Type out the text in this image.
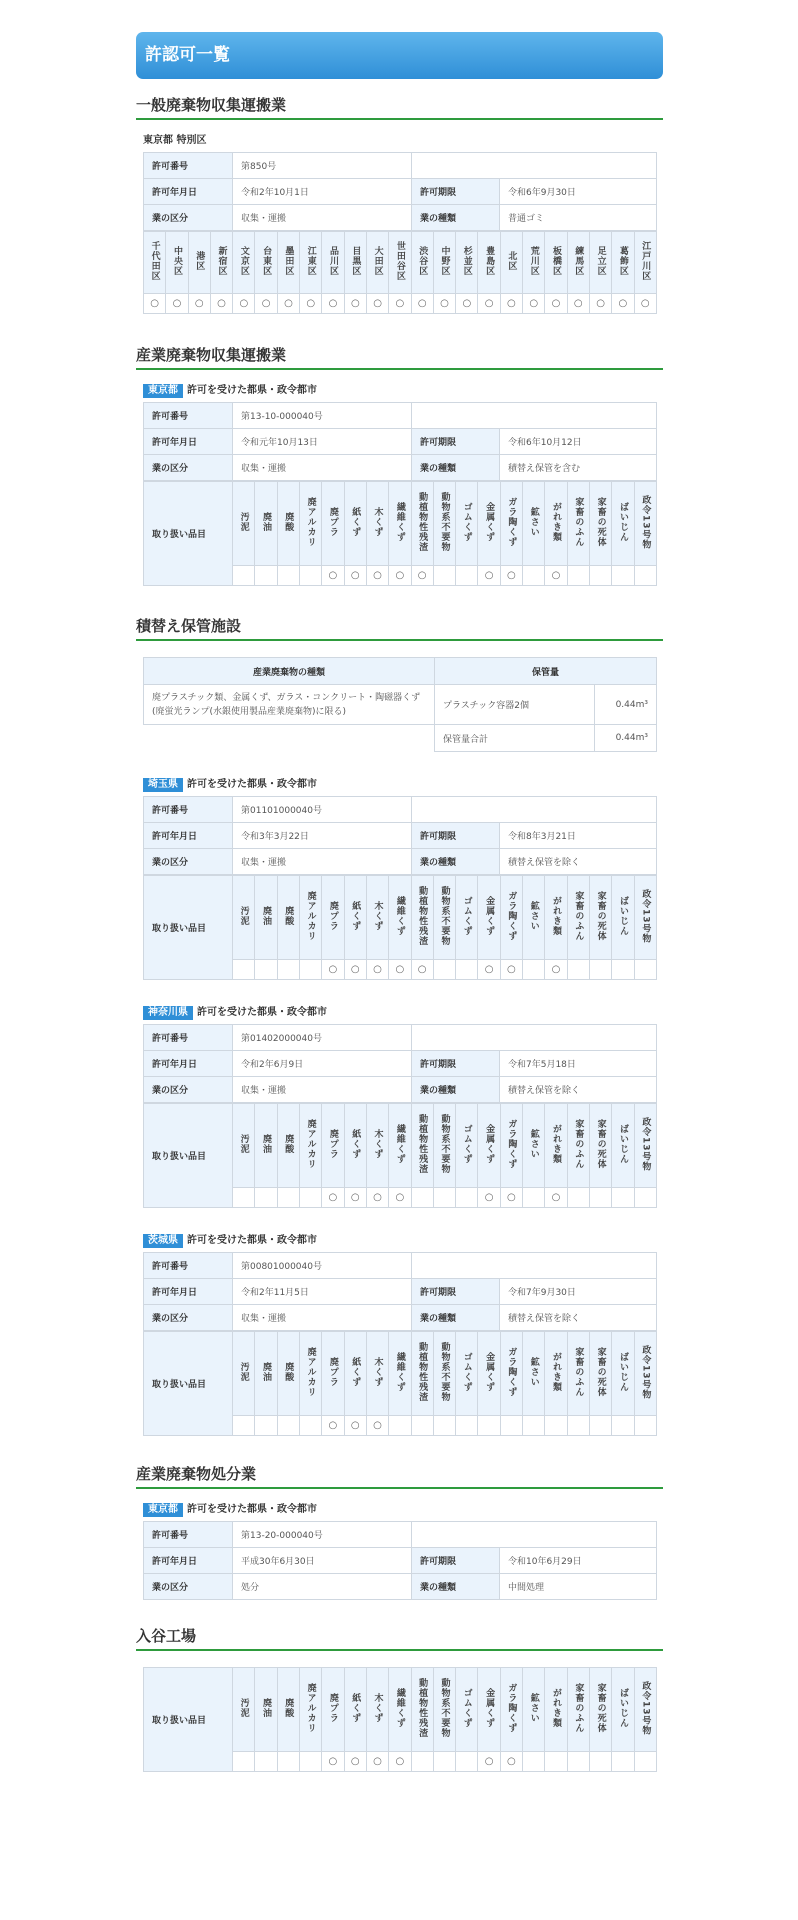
許認可一覧
一般廃棄物収集運搬業
東京都 特別区
許可番号	第850号		
許可年月日	令和2年10月1日	許可期限	令和6年9月30日
業の区分	収集・運搬	業の種類	普通ゴミ
千代田区	中央区	港区	新宿区	文京区	台東区	墨田区	江東区	品川区	目黒区	大田区	世田谷区	渋谷区	中野区	杉並区	豊島区	北区	荒川区	板橋区	練馬区	足立区	葛飾区	江戸川区
○	○	○	○	○	○	○	○	○	○	○	○	○	○	○	○	○	○	○	○	○	○	○
産業廃棄物収集運搬業
東京都 許可を受けた都県・政令都市
許可番号	第13-10-000040号		
許可年月日	令和元年10月13日	許可期限	令和6年10月12日
業の区分	収集・運搬	業の種類	積替え保管を含む
取り扱い品目	汚泥	廃油	廃酸	廃アルカリ	廃プラ	紙くず	木くず	繊維くず	動植物性残渣	動物系不要物	ゴムくず	金属くず	ガラ陶くず	鉱さい	がれき類	家畜のふん	家畜の死体	ばいじん	政令13号物
					○	○	○	○	○			○	○		○				
積替え保管施設
産業廃棄物の種類	保管量	
廃プラスチック類、金属くず、ガラス・コンクリート・陶磁器くず(廃蛍光ランプ(水銀使用製品産業廃棄物)に限る)	プラスチック容器2個	0.44m³
	保管量合計	0.44m³
埼玉県 許可を受けた都県・政令都市
許可番号	第01101000040号		
許可年月日	令和3年3月22日	許可期限	令和8年3月21日
業の区分	収集・運搬	業の種類	積替え保管を除く
取り扱い品目	汚泥	廃油	廃酸	廃アルカリ	廃プラ	紙くず	木くず	繊維くず	動植物性残渣	動物系不要物	ゴムくず	金属くず	ガラ陶くず	鉱さい	がれき類	家畜のふん	家畜の死体	ばいじん	政令13号物
					○	○	○	○	○			○	○		○				
神奈川県 許可を受けた都県・政令都市
許可番号	第01402000040号		
許可年月日	令和2年6月9日	許可期限	令和7年5月18日
業の区分	収集・運搬	業の種類	積替え保管を除く
取り扱い品目	汚泥	廃油	廃酸	廃アルカリ	廃プラ	紙くず	木くず	繊維くず	動植物性残渣	動物系不要物	ゴムくず	金属くず	ガラ陶くず	鉱さい	がれき類	家畜のふん	家畜の死体	ばいじん	政令13号物
					○	○	○	○				○	○		○				
茨城県 許可を受けた都県・政令都市
許可番号	第00801000040号		
許可年月日	令和2年11月5日	許可期限	令和7年9月30日
業の区分	収集・運搬	業の種類	積替え保管を除く
取り扱い品目	汚泥	廃油	廃酸	廃アルカリ	廃プラ	紙くず	木くず	繊維くず	動植物性残渣	動物系不要物	ゴムくず	金属くず	ガラ陶くず	鉱さい	がれき類	家畜のふん	家畜の死体	ばいじん	政令13号物
					○	○	○												
産業廃棄物処分業
東京都 許可を受けた都県・政令都市
許可番号	第13-20-000040号		
許可年月日	平成30年6月30日	許可期限	令和10年6月29日
業の区分	処分	業の種類	中間処理
入谷工場
取り扱い品目	汚泥	廃油	廃酸	廃アルカリ	廃プラ	紙くず	木くず	繊維くず	動植物性残渣	動物系不要物	ゴムくず	金属くず	ガラ陶くず	鉱さい	がれき類	家畜のふん	家畜の死体	ばいじん	政令13号物
					○	○	○	○				○	○						
